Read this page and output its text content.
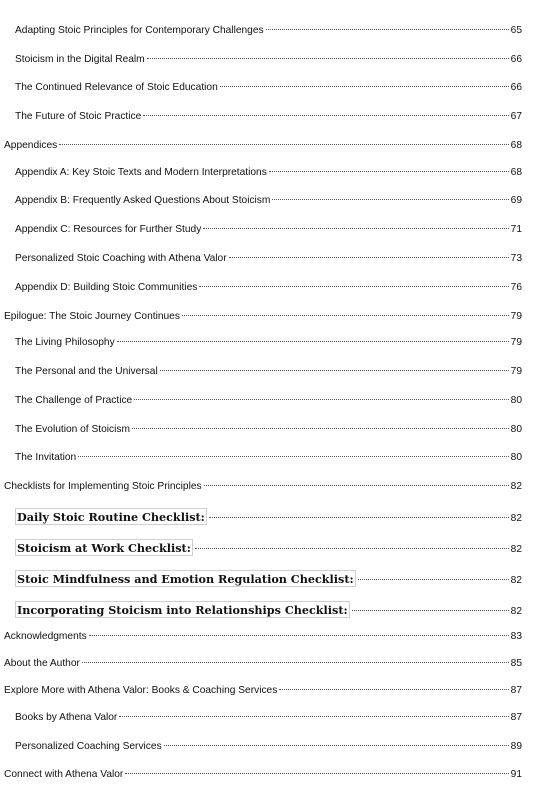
Adapting Stoic Principles for Contemporary Challenges	65
Stoicism in the Digital Realm	66
The Continued Relevance of Stoic Education	66
The Future of Stoic Practice	67
Appendices	68
Appendix A: Key Stoic Texts and Modern Interpretations	68
Appendix B: Frequently Asked Questions About Stoicism	69
Appendix C: Resources for Further Study	71
Personalized Stoic Coaching with Athena Valor	73
Appendix D: Building Stoic Communities	76
Epilogue: The Stoic Journey Continues	79
The Living Philosophy	79
The Personal and the Universal	79
The Challenge of Practice	80
The Evolution of Stoicism	80
The Invitation	80
Checklists for Implementing Stoic Principles	82
Daily Stoic Routine Checklist:	82
Stoicism at Work Checklist:	82
Stoic Mindfulness and Emotion Regulation Checklist:	82
Incorporating Stoicism into Relationships Checklist:	82
Acknowledgments	83
About the Author	85
Explore More with Athena Valor: Books & Coaching Services	87
Books by Athena Valor	87
Personalized Coaching Services	89
Connect with Athena Valor	91
